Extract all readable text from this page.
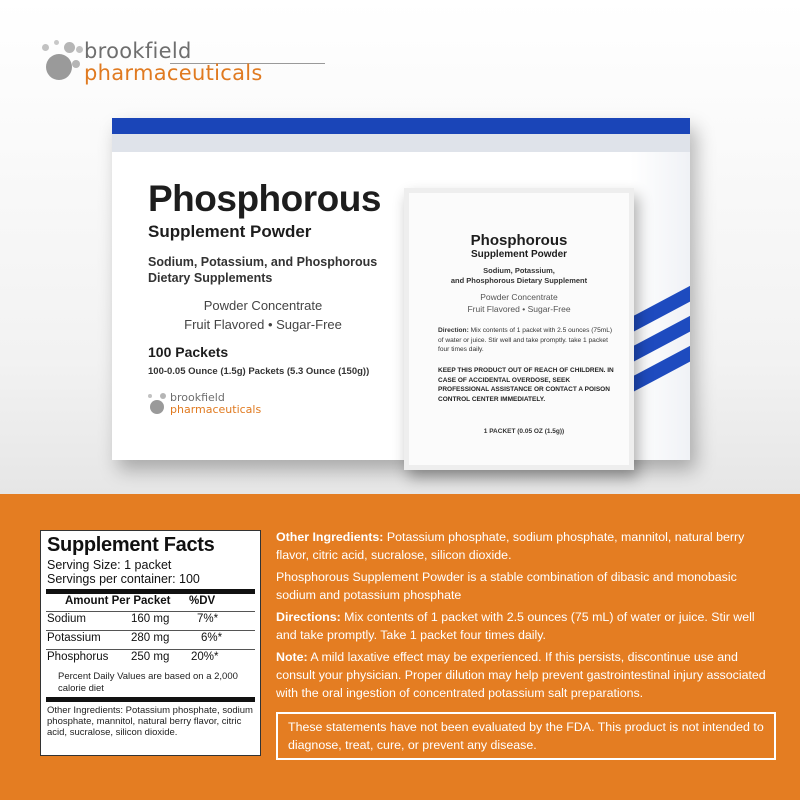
brookfield
pharmaceuticals
Phosphorous
Supplement Powder
Sodium, Potassium, and Phosphorous
Dietary Supplements
Powder Concentrate
Fruit Flavored • Sugar-Free
100 Packets
100-0.05 Ounce (1.5g) Packets (5.3 Ounce (150g))
brookfield
pharmaceuticals
Phosphorous
Supplement Powder
Sodium, Potassium,
and Phosphorous Dietary Supplement
Powder Concentrate
Fruit Flavored • Sugar-Free
Direction: Mix contents of 1 packet with 2.5 ounces (75mL) of water or juice. Stir well and take promptly. take 1 packet four times daily.
KEEP THIS PRODUCT OUT OF REACH OF CHILDREN. IN CASE OF ACCIDENTAL OVERDOSE, SEEK PROFESSIONAL ASSISTANCE OR CONTACT A POISON CONTROL CENTER IMMEDIATELY.
1 PACKET (0.05 OZ (1.5g))
Supplement Facts
Serving Size: 1 packet
Servings per container: 100
Amount Per Packet %DV
Sodium	160 mg 7%*
Potassium	280 mg	6%*
Phosphorus 250 mg 20%*
Percent Daily Values are based on a 2,000 calorie diet
Other Ingredients: Potassium phosphate, sodium phosphate, mannitol, natural berry flavor, citric acid, sucralose, silicon dioxide.
Other Ingredients: Potassium phosphate, sodium phosphate, mannitol, natural berry flavor, citric acid, sucralose, silicon dioxide.
Phosphorous Supplement Powder is a stable combination of dibasic and monobasic sodium and potassium phosphate
Directions: Mix contents of 1 packet with 2.5 ounces (75 mL) of water or juice. Stir well and take promptly. Take 1 packet four times daily.
Note: A mild laxative effect may be experienced. If this persists, discontinue use and consult your physician. Proper dilution may help prevent gastrointestinal injury associated with the oral ingestion of concentrated potassium salt preparations.
These statements have not been evaluated by the FDA. This product is not intended to diagnose, treat, cure, or prevent any disease.
